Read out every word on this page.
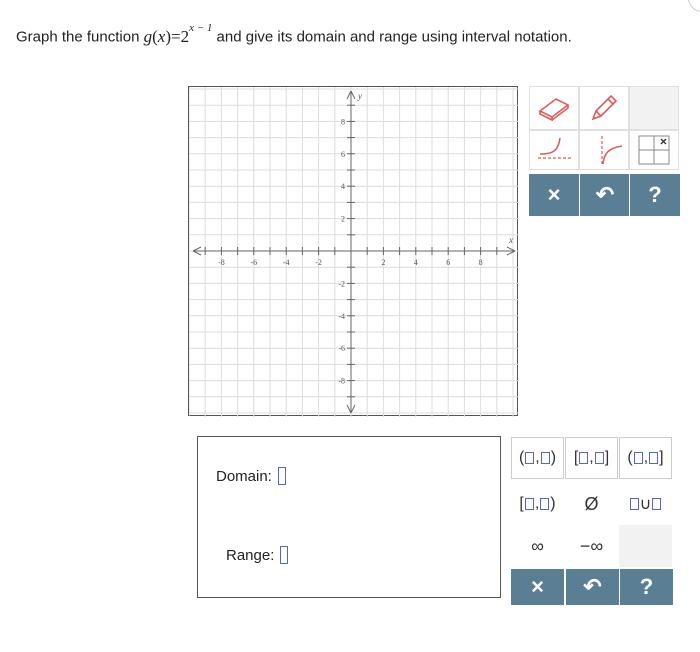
Graph the function $g(x)=2^{x - 1}$ and give its domain and range using interval notation.
-8	-6	-4	-2	2	4	6	8
8
6
4
2
-2
-4
-6
-8
x
y
× ↶ ?
Domain:
Range:
( , ) [ , ] ( , ]
[ , ) Ø	∪
∞ −∞
× ↶ ?
